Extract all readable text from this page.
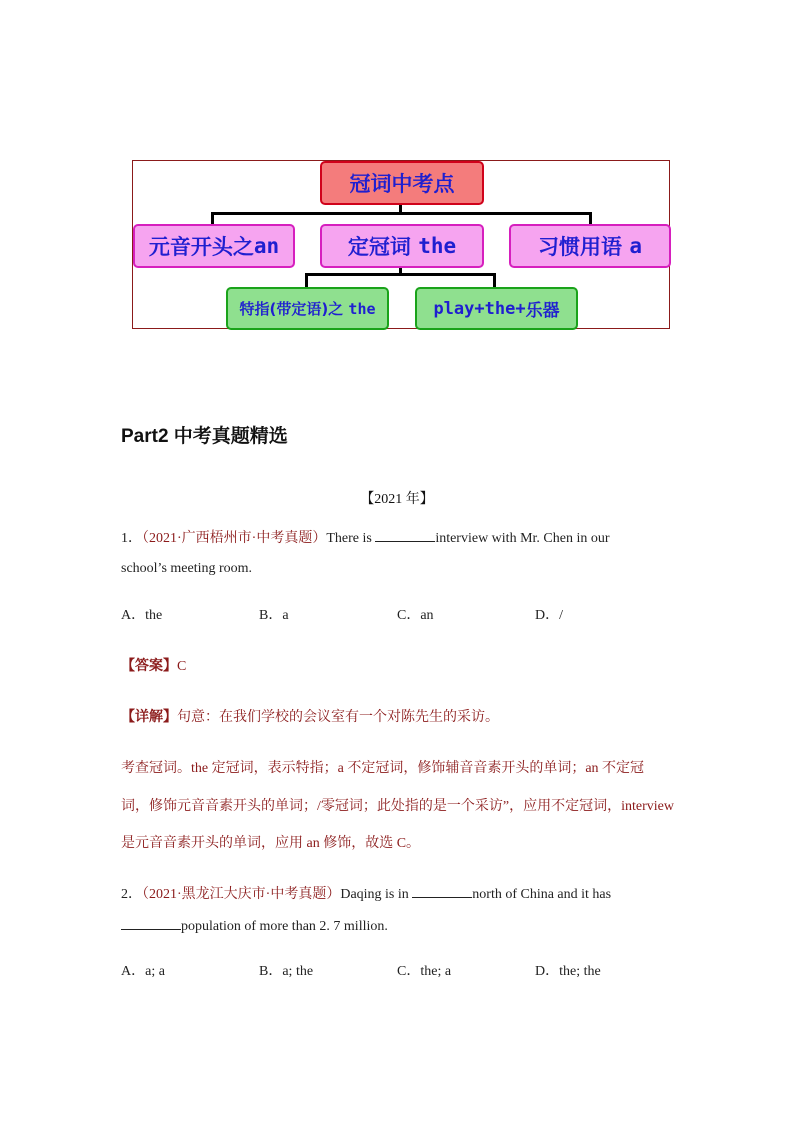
冠词中考点
元音开头之 an	定冠词
the	习惯用语
a
特指(带定语)之
the	play+the+ 乐器
Part2 中考真题精选
【2021 年】
1．（2021·广西梧州市·中考真题）There is	interview with Mr. Chen in our
school’s meeting room.
A．the	B．a	C．an	D．/
【答案】C
【详解】句意：在我们学校的会议室有一个对陈先生的采访。
考查冠词。the 定冠词，表示特指；a 不定冠词，修饰辅音音素开头的单词；an 不定冠
词，修饰元音音素开头的单词；/零冠词；此处指的是一个采访”，应用不定冠词，interview
是元音音素开头的单词，应用 an 修饰，故选 C。
2．（2021·黑龙江大庆市·中考真题）Daqing is in	north of China and it has
population of more than 2. 7 million.
A．a; a	B．a; the	C．the; a	D．the; the
